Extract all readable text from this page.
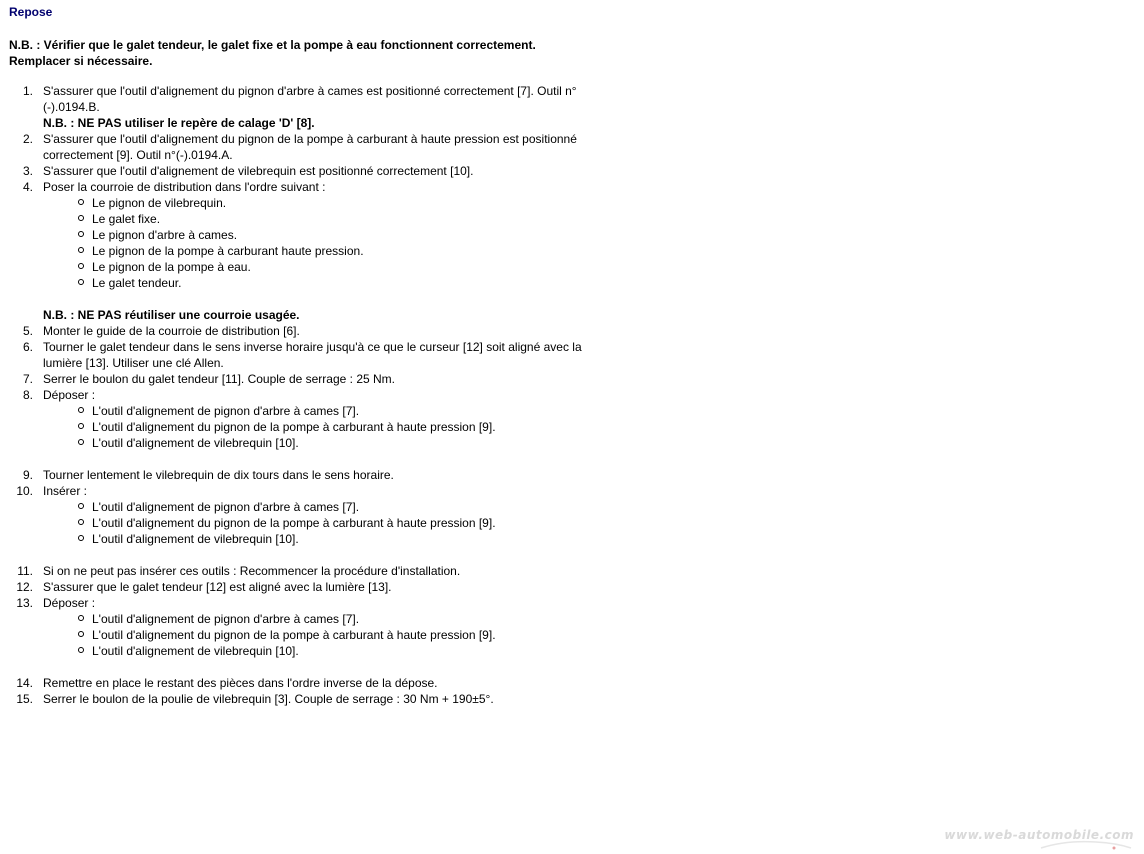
Repose
N.B. : Vérifier que le galet tendeur, le galet fixe et la pompe à eau fonctionnent correctement.
Remplacer si nécessaire.
1. S'assurer que l'outil d'alignement du pignon d'arbre à cames est positionné correctement [7]. Outil n°(-).0194.B.
N.B. : NE PAS utiliser le repère de calage 'D' [8].
2. S'assurer que l'outil d'alignement du pignon de la pompe à carburant à haute pression est positionné correctement [9]. Outil n°(-).0194.A.
3. S'assurer que l'outil d'alignement de vilebrequin est positionné correctement [10].
4. Poser la courroie de distribution dans l'ordre suivant :
Le pignon de vilebrequin.
Le galet fixe.
Le pignon d'arbre à cames.
Le pignon de la pompe à carburant haute pression.
Le pignon de la pompe à eau.
Le galet tendeur.
N.B. : NE PAS réutiliser une courroie usagée.
5. Monter le guide de la courroie de distribution [6].
6. Tourner le galet tendeur dans le sens inverse horaire jusqu'à ce que le curseur [12] soit aligné avec la lumière [13]. Utiliser une clé Allen.
7. Serrer le boulon du galet tendeur [11]. Couple de serrage : 25 Nm.
8. Déposer :
L'outil d'alignement de pignon d'arbre à cames [7].
L'outil d'alignement du pignon de la pompe à carburant à haute pression [9].
L'outil d'alignement de vilebrequin [10].
9. Tourner lentement le vilebrequin de dix tours dans le sens horaire.
10. Insérer :
L'outil d'alignement de pignon d'arbre à cames [7].
L'outil d'alignement du pignon de la pompe à carburant à haute pression [9].
L'outil d'alignement de vilebrequin [10].
11. Si on ne peut pas insérer ces outils : Recommencer la procédure d'installation.
12. S'assurer que le galet tendeur [12] est aligné avec la lumière [13].
13. Déposer :
L'outil d'alignement de pignon d'arbre à cames [7].
L'outil d'alignement du pignon de la pompe à carburant à haute pression [9].
L'outil d'alignement de vilebrequin [10].
14. Remettre en place le restant des pièces dans l'ordre inverse de la dépose.
15. Serrer le boulon de la poulie de vilebrequin [3]. Couple de serrage : 30 Nm + 190±5°.
www.web-automobile.com
